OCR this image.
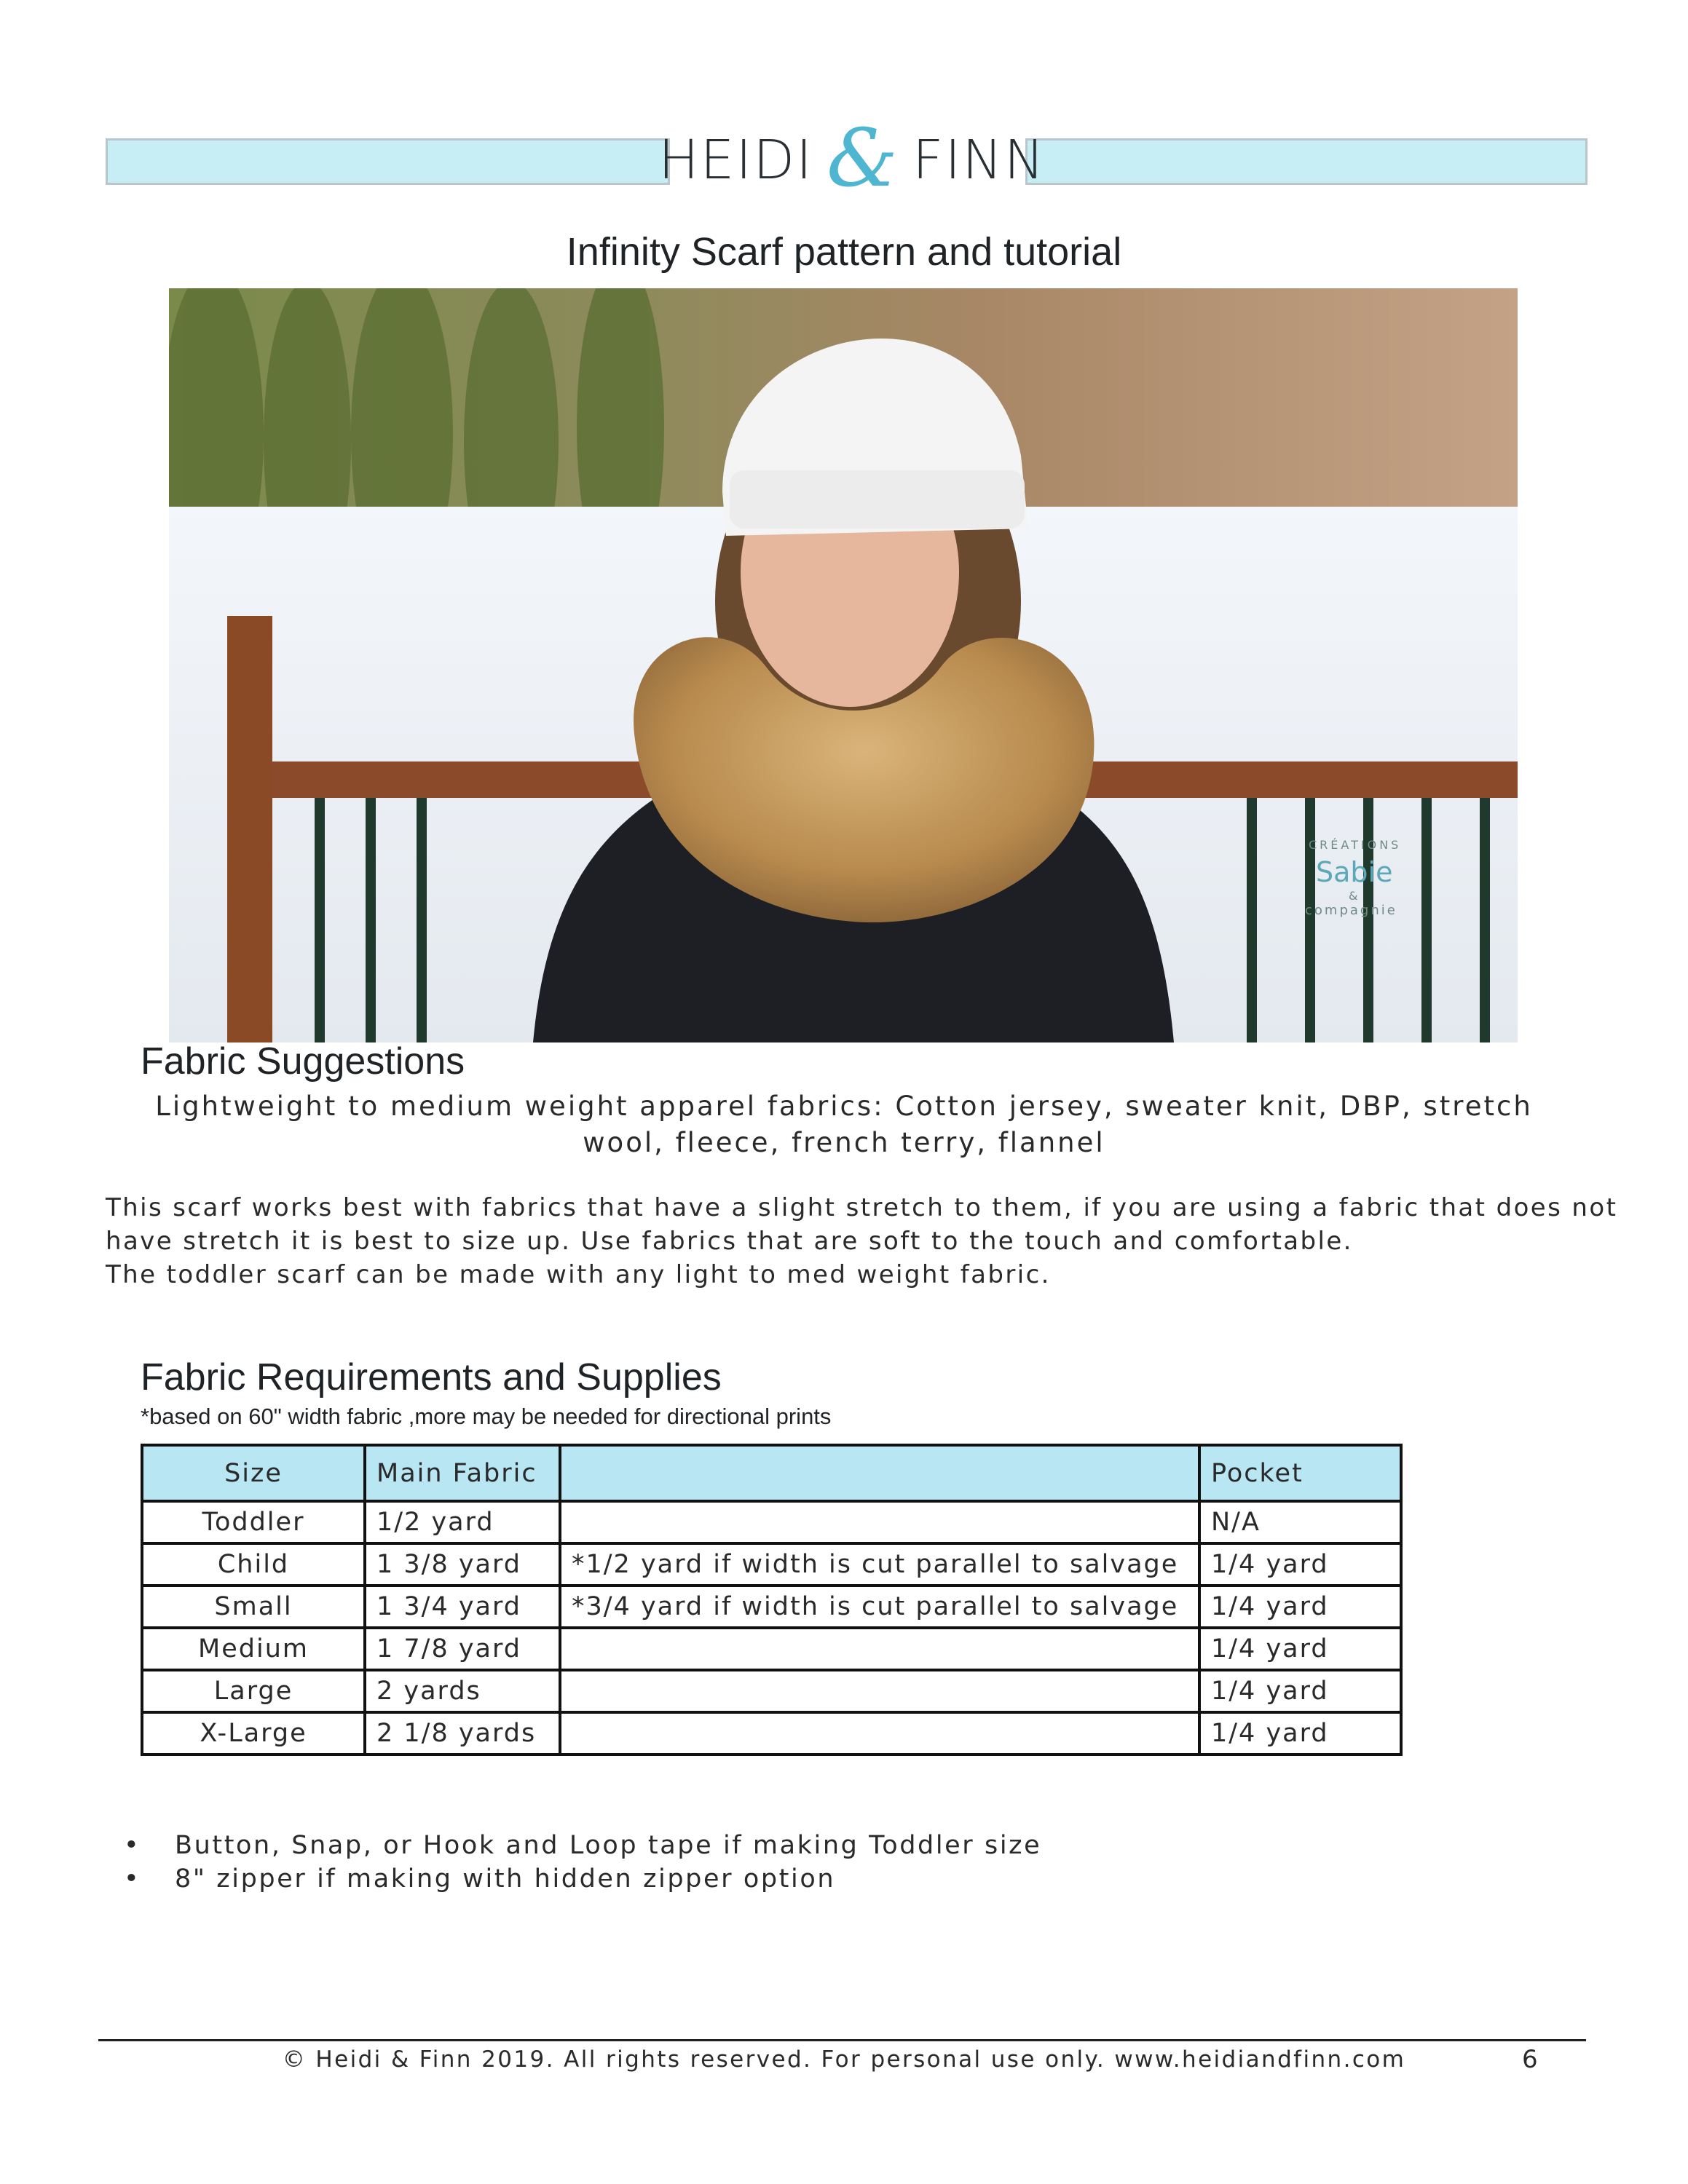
HEIDI & FINN
Infinity Scarf pattern and tutorial
CRÉATIONS
Sabie
&
compagnie
Fabric Suggestions
Lightweight to medium weight apparel fabrics: Cotton jersey, sweater knit, DBP, stretch wool, fleece, french terry, flannel
This scarf works best with fabrics that have a slight stretch to them, if you are using a fabric that does not
have stretch it is best to size up. Use fabrics that are soft to the touch and comfortable.
The toddler scarf can be made with any light to med weight fabric.
Fabric Requirements and Supplies
*based on 60" width fabric ,more may be needed for directional prints
Size	Main Fabric		Pocket
Toddler	1/2 yard		N/A
Child	1 3/8 yard	*1/2 yard if width is cut parallel to salvage	1/4 yard
Small	1 3/4 yard	*3/4 yard if width is cut parallel to salvage	1/4 yard
Medium	1 7/8 yard		1/4 yard
Large	2 yards		1/4 yard
X-Large	2 1/8 yards		1/4 yard
• Button, Snap, or Hook and Loop tape if making Toddler size
• 8" zipper if making with hidden zipper option
© Heidi & Finn 2019. All rights reserved. For personal use only. www.heidiandfinn.com	6
